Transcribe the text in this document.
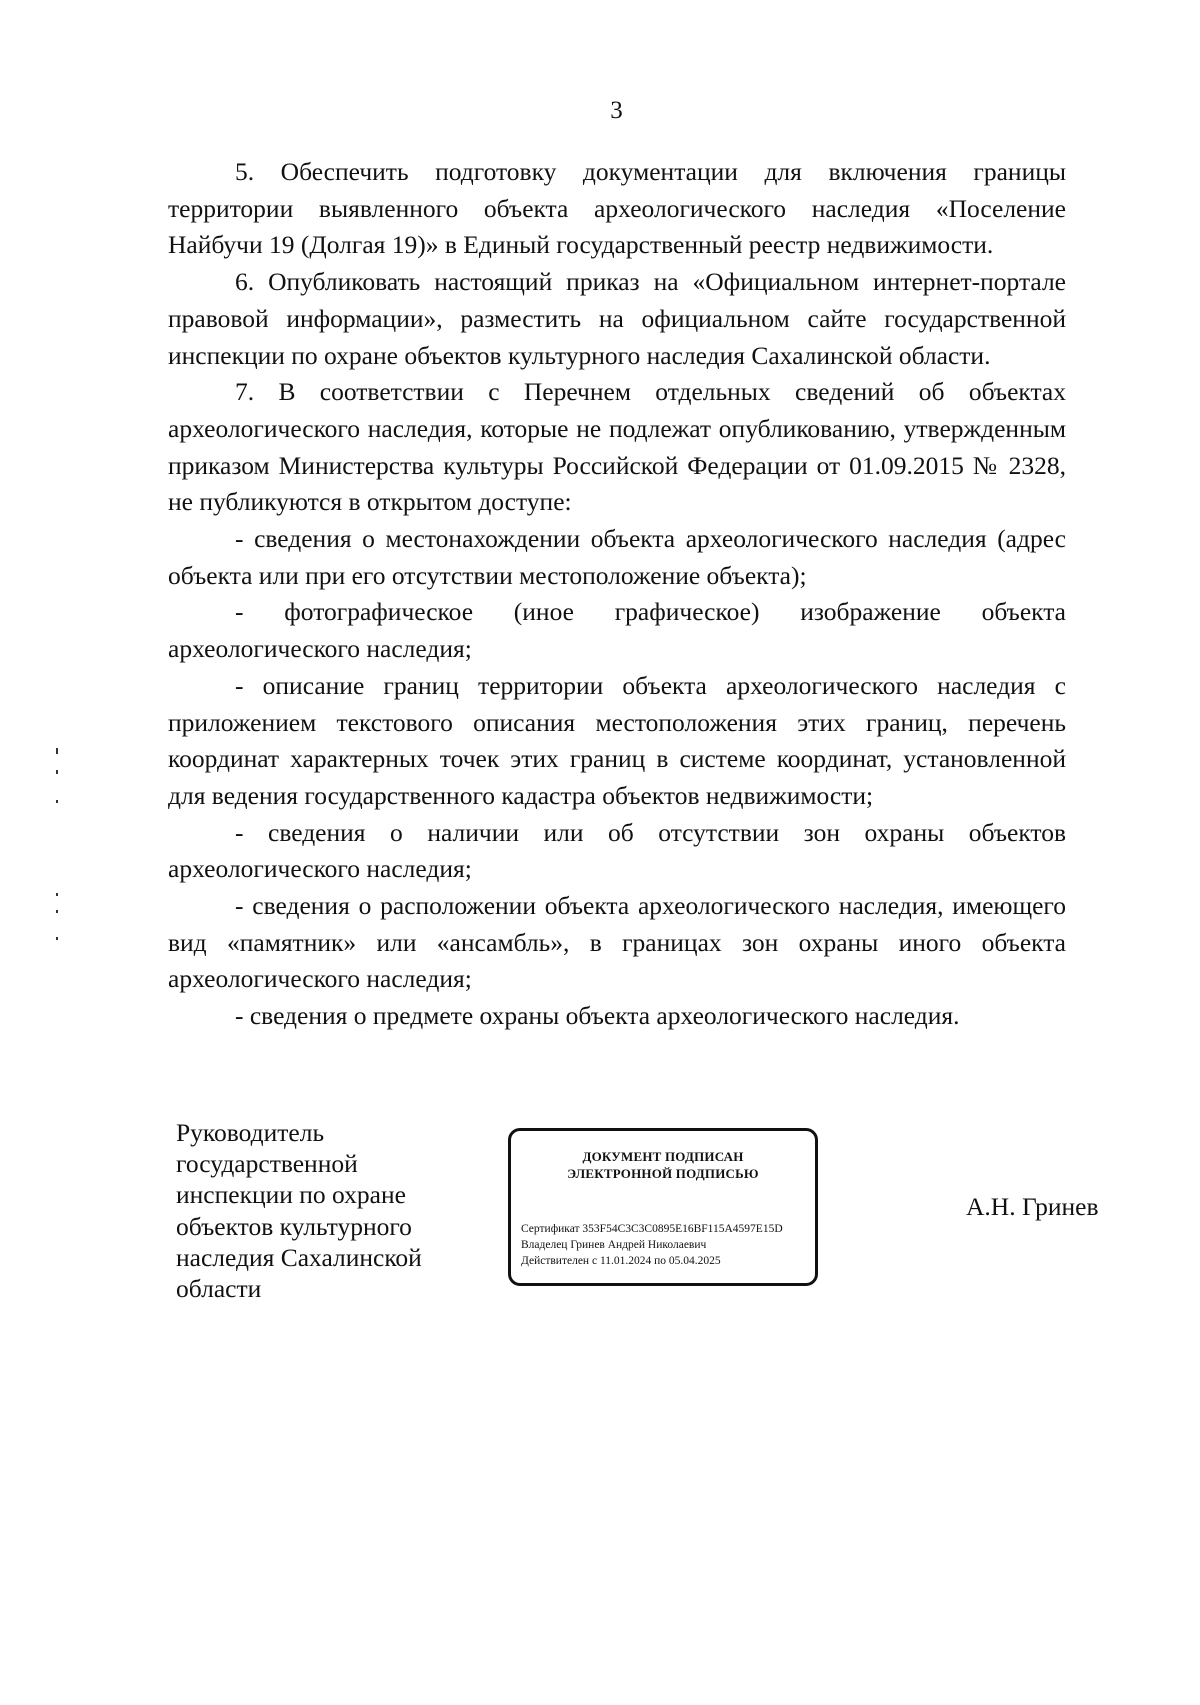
3

5. Обеспечить подготовку документации для включения границы территории выявленного объекта археологического наследия «Поселение Найбучи 19 (Долгая 19)» в Единый государственный реестр недвижимости.

6. Опубликовать настоящий приказ на «Официальном интернет-портале правовой информации», разместить на официальном сайте государственной инспекции по охране объектов культурного наследия Сахалинской области.

7. В соответствии с Перечнем отдельных сведений об объектах археологического наследия, которые не подлежат опубликованию, утвержденным приказом Министерства культуры Российской Федерации от 01.09.2015 № 2328, не публикуются в открытом доступе:

- сведения о местонахождении объекта археологического наследия (адрес объекта или при его отсутствии местоположение объекта);

- фотографическое (иное графическое) изображение объекта археологического наследия;

- описание границ территории объекта археологического наследия с приложением текстового описания местоположения этих границ, перечень координат характерных точек этих границ в системе координат, установленной для ведения государственного кадастра объектов недвижимости;

- сведения о наличии или об отсутствии зон охраны объектов археологического наследия;

- сведения о расположении объекта археологического наследия, имеющего вид «памятник» или «ансамбль», в границах зон охраны иного объекта археологического наследия;

- сведения о предмете охраны объекта археологического наследия.

Руководитель
государственной
инспекции по охране
объектов культурного
наследия Сахалинской
области
ДОКУМЕНТ ПОДПИСАН
ЭЛЕКТРОННОЙ ПОДПИСЬЮ
Сертификат 353F54C3C3C0895E16BF115A4597E15D
Владелец Гринев Андрей Николаевич
Действителен с 11.01.2024 по 05.04.2025
А.Н. Гринев
